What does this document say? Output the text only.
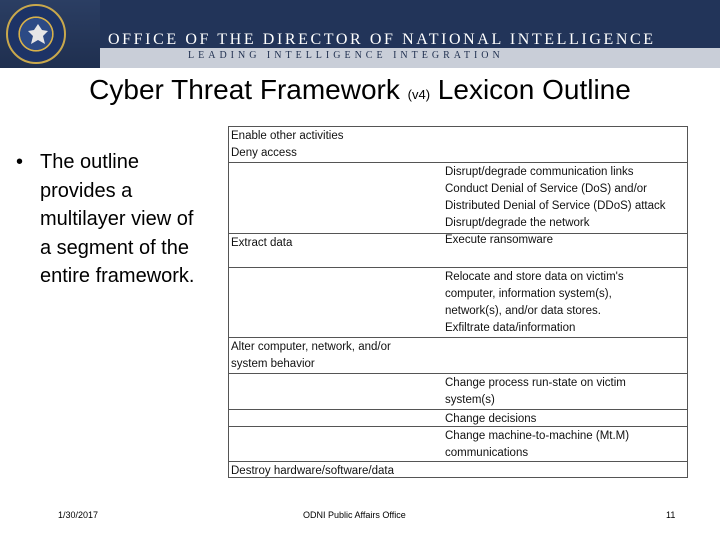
OFFICE OF THE DIRECTOR OF NATIONAL INTELLIGENCE
LEADING INTELLIGENCE INTEGRATION
Cyber Threat Framework (v4) Lexicon Outline
• The outline provides a multilayer view of a segment of the entire framework.
Enable other activities
Deny access
Disrupt/degrade communication links
Conduct Denial of Service (DoS) and/or
Distributed Denial of Service (DDoS) attack
Disrupt/degrade the network
Execute ransomware
Extract data
Relocate and store data on victim's
computer, information system(s),
network(s), and/or data stores.
Exfiltrate data/information
Alter computer, network, and/or
system behavior
Change process run-state on victim
system(s)
Change decisions
Change machine-to-machine (Mt.M)
communications
Destroy hardware/software/data
1/30/2017	ODNI Public Affairs Office	11
